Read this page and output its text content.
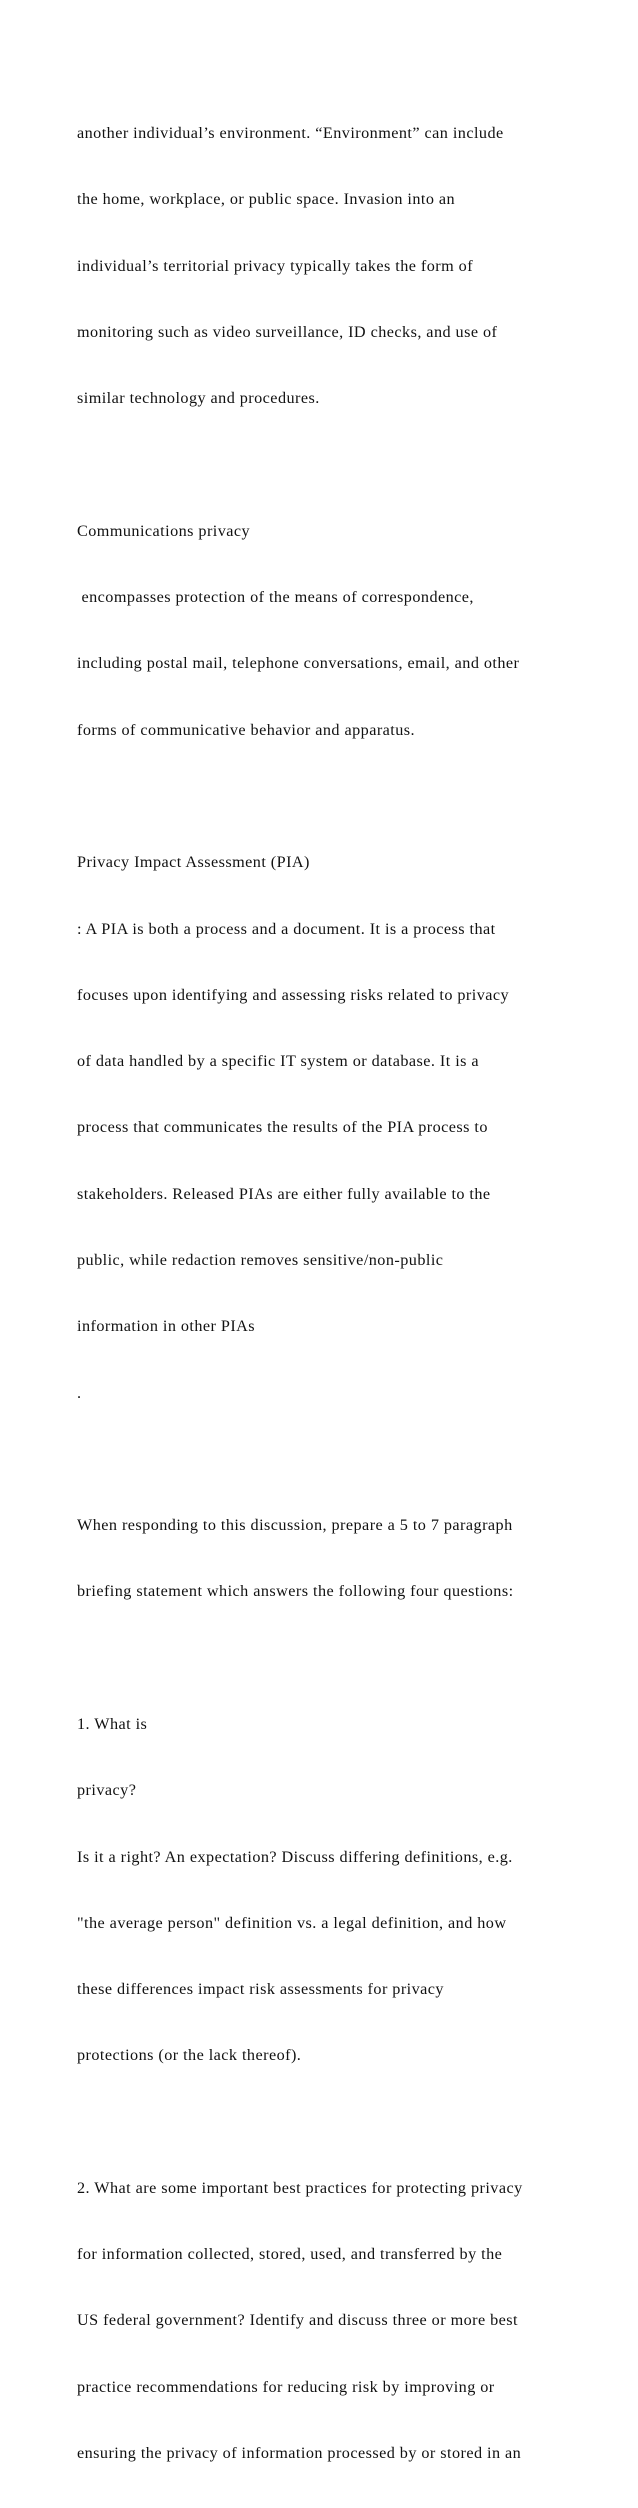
another individual’s environment. “Environment” can include

the home, workplace, or public space. Invasion into an

individual’s territorial privacy typically takes the form of

monitoring such as video surveillance, ID checks, and use of

similar technology and procedures.

Communications privacy

encompasses protection of the means of correspondence,

including postal mail, telephone conversations, email, and other

forms of communicative behavior and apparatus.

Privacy Impact Assessment (PIA)

: A PIA is both a process and a document. It is a process that

focuses upon identifying and assessing risks related to privacy

of data handled by a specific IT system or database. It is a

process that communicates the results of the PIA process to

stakeholders. Released PIAs are either fully available to the

public, while redaction removes sensitive/non-public

information in other PIAs

.

When responding to this discussion, prepare a 5 to 7 paragraph

briefing statement which answers the following four questions:

1. What is

privacy?

Is it a right? An expectation? Discuss differing definitions, e.g.

"the average person" definition vs. a legal definition, and how

these differences impact risk assessments for privacy

protections (or the lack thereof).

2. What are some important best practices for protecting privacy

for information collected, stored, used, and transferred by the

US federal government? Identify and discuss three or more best

practice recommendations for reducing risk by improving or

ensuring the privacy of information processed by or stored in an
